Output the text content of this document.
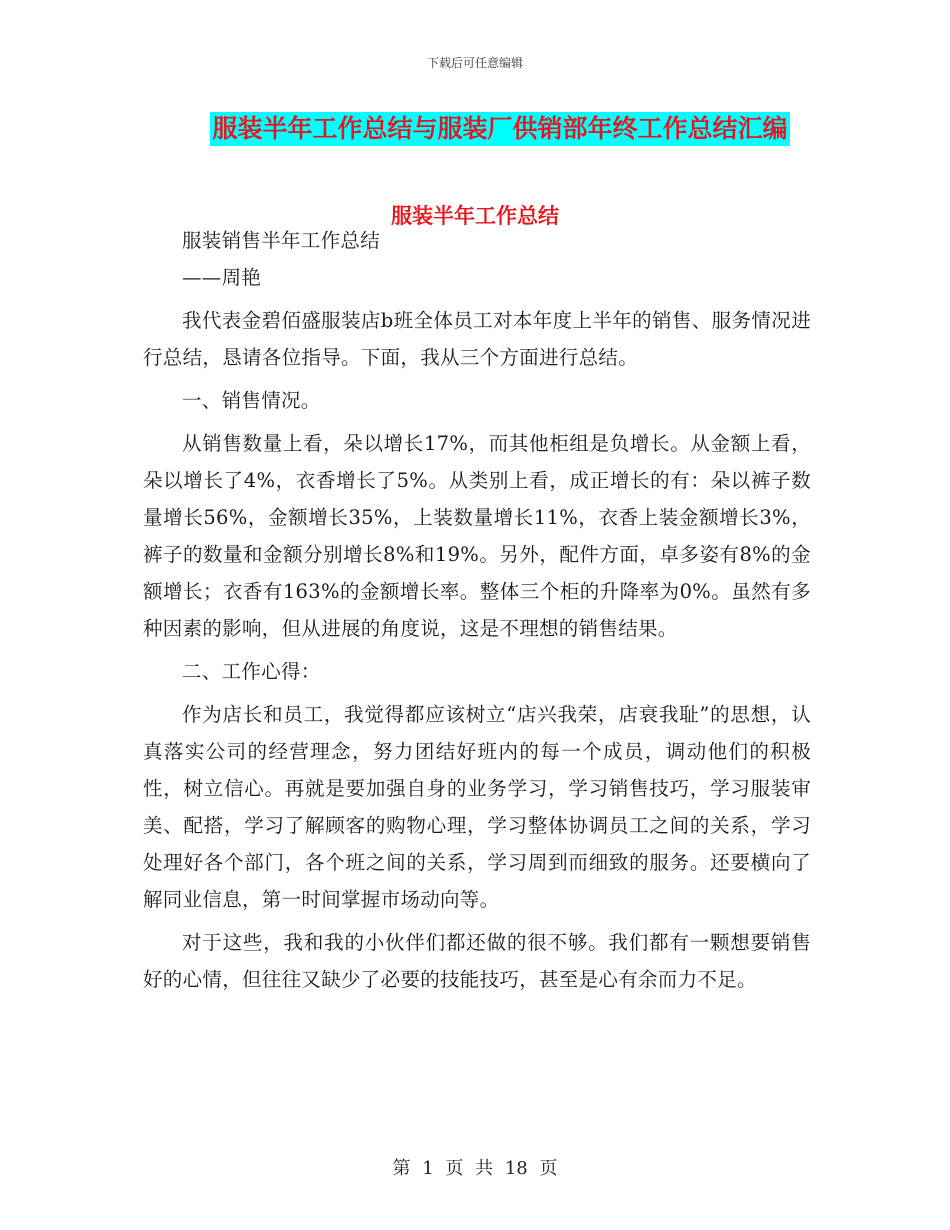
下载后可任意编辑
服装半年工作总结与服装厂供销部年终工作总结汇编
服装半年工作总结

服装销售半年工作总结

——周艳

我代表金碧佰盛服装店b班全体员工对本年度上半年的销售、服务情况进行总结，恳请各位指导。下面，我从三个方面进行总结。

一、销售情况。

从销售数量上看，朵以增长17%，而其他柜组是负增长。从金额上看，朵以增长了4%，衣香增长了5%。从类别上看，成正增长的有：朵以裤子数量增长56%，金额增长35%，上装数量增长11%，衣香上装金额增长3%，裤子的数量和金额分别增长8%和19%。另外，配件方面，卓多姿有8%的金额增长；衣香有163%的金额增长率。整体三个柜的升降率为0%。虽然有多种因素的影响，但从进展的角度说，这是不理想的销售结果。

二、工作心得：

作为店长和员工，我觉得都应该树立“店兴我荣，店衰我耻”的思想，认真落实公司的经营理念，努力团结好班内的每一个成员，调动他们的积极性，树立信心。再就是要加强自身的业务学习，学习销售技巧，学习服装审美、配搭，学习了解顾客的购物心理，学习整体协调员工之间的关系，学习处理好各个部门，各个班之间的关系，学习周到而细致的服务。还要横向了解同业信息，第一时间掌握市场动向等。

对于这些，我和我的小伙伴们都还做的很不够。我们都有一颗想要销售好的心情，但往往又缺少了必要的技能技巧，甚至是心有余而力不足。

第 1 页 共 18 页
